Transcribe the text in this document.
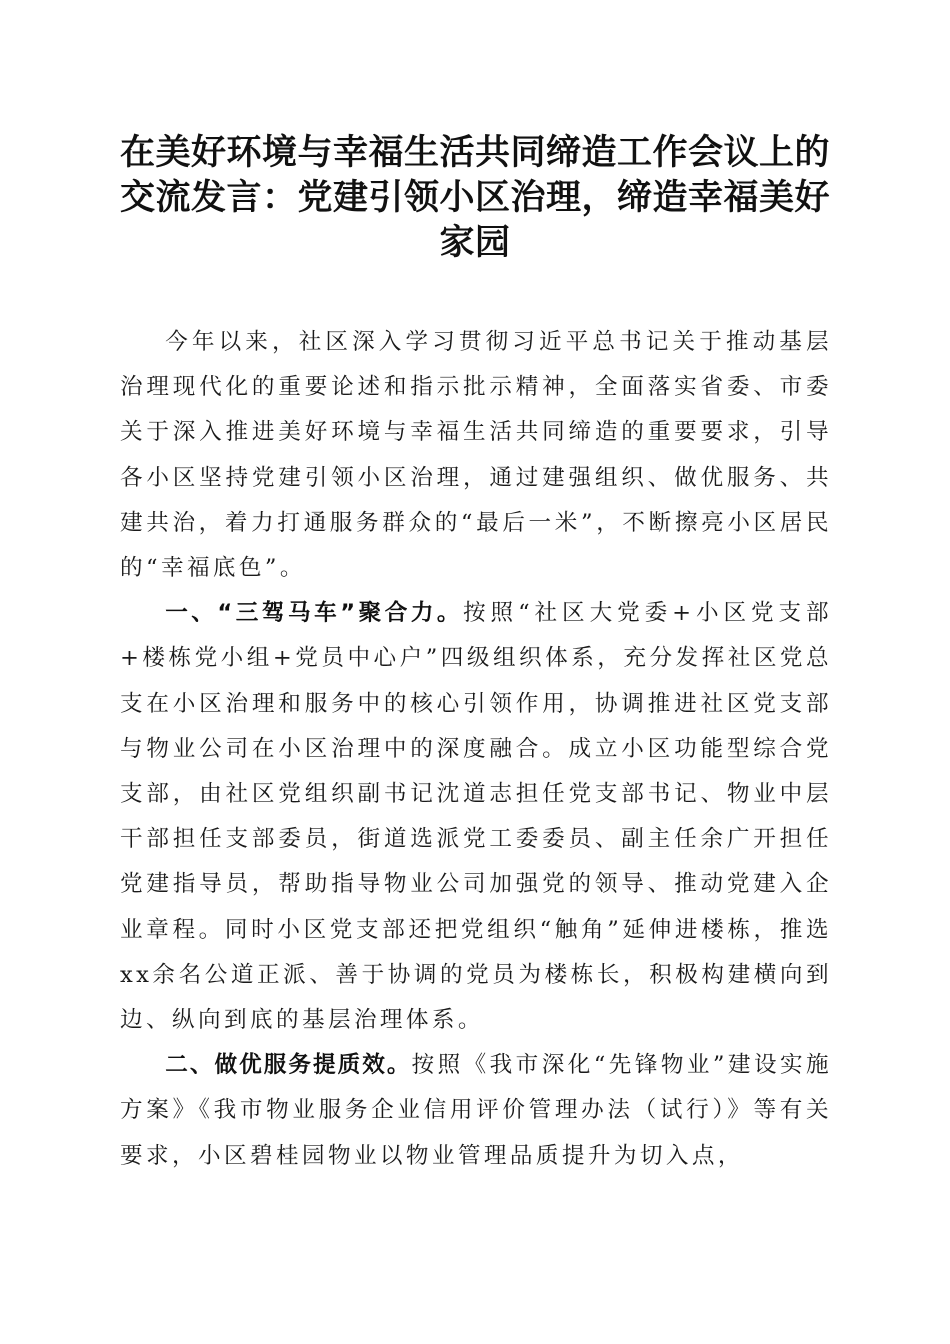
在美好环境与幸福生活共同缔造工作会议上的
交流发言：党建引领小区治理，缔造幸福美好
家园

今年以来，社区深入学习贯彻习近平总书记关于推动基层治理现代化的重要论述和指示批示精神，全面落实省委、市委关于深入推进美好环境与幸福生活共同缔造的重要要求，引导各小区坚持党建引领小区治理，通过建强组织、做优服务、共建共治，着力打通服务群众的“最后一米”，不断擦亮小区居民的“幸福底色”。

一、“三驾马车”聚合力。按照“社区大党委+小区党支部+楼栋党小组+党员中心户”四级组织体系，充分发挥社区党总支在小区治理和服务中的核心引领作用，协调推进社区党支部与物业公司在小区治理中的深度融合。成立小区功能型综合党支部，由社区党组织副书记沈道志担任党支部书记、物业中层干部担任支部委员，街道选派党工委委员、副主任余广开担任党建指导员，帮助指导物业公司加强党的领导、推动党建入企业章程。同时小区党支部还把党组织“触角”延伸进楼栋，推选xx余名公道正派、善于协调的党员为楼栋长，积极构建横向到边、纵向到底的基层治理体系。

二、做优服务提质效。按照《我市深化“先锋物业”建设实施方案》《我市物业服务企业信用评价管理办法（试行）》等有关要求，小区碧桂园物业以物业管理品质提升为切入点，
